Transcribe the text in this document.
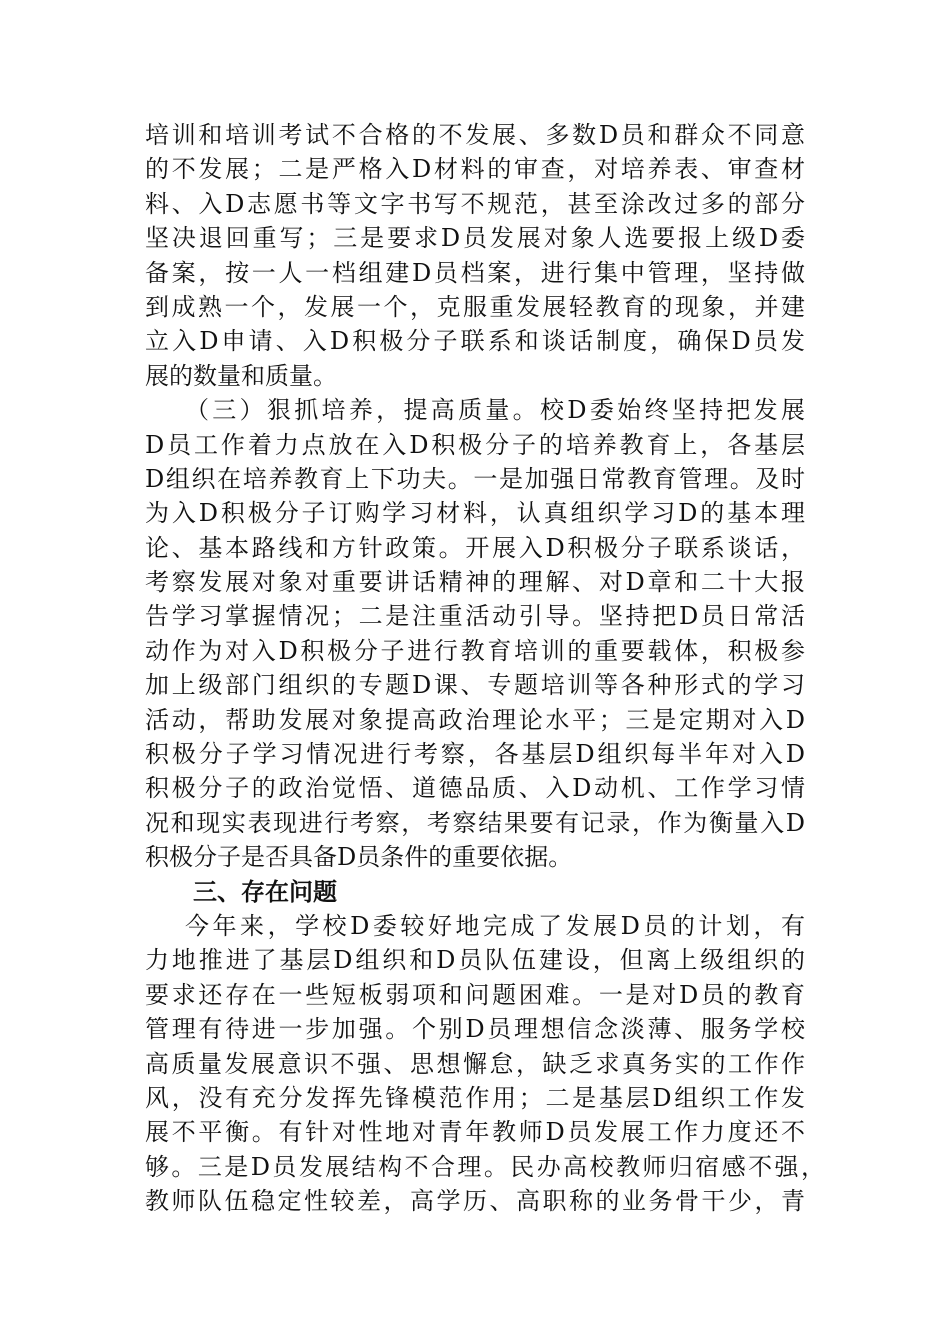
培训和培训考试不合格的不发展、多数D员和群众不同意
的不发展；二是严格入D材料的审查，对培养表、审查材
料、入D志愿书等文字书写不规范，甚至涂改过多的部分
坚决退回重写；三是要求D员发展对象人选要报上级D委
备案，按一人一档组建D员档案，进行集中管理，坚持做
到成熟一个，发展一个，克服重发展轻教育的现象，并建
立入D申请、入D积极分子联系和谈话制度，确保D员发
展的数量和质量。
（三）狠抓培养，提高质量。校D委始终坚持把发展
D员工作着力点放在入D积极分子的培养教育上，各基层
D组织在培养教育上下功夫。一是加强日常教育管理。及时
为入D积极分子订购学习材料，认真组织学习D的基本理
论、基本路线和方针政策。开展入D积极分子联系谈话，
考察发展对象对重要讲话精神的理解、对D章和二十大报
告学习掌握情况；二是注重活动引导。坚持把D员日常活
动作为对入D积极分子进行教育培训的重要载体，积极参
加上级部门组织的专题D课、专题培训等各种形式的学习
活动，帮助发展对象提高政治理论水平；三是定期对入D
积极分子学习情况进行考察，各基层D组织每半年对入D
积极分子的政治觉悟、道德品质、入D动机、工作学习情
况和现实表现进行考察，考察结果要有记录，作为衡量入D
积极分子是否具备D员条件的重要依据。
三、存在问题
今年来，学校D委较好地完成了发展D员的计划，有
力地推进了基层D组织和D员队伍建设，但离上级组织的
要求还存在一些短板弱项和问题困难。一是对D员的教育
管理有待进一步加强。个别D员理想信念淡薄、服务学校
高质量发展意识不强、思想懈怠，缺乏求真务实的工作作
风，没有充分发挥先锋模范作用；二是基层D组织工作发
展不平衡。有针对性地对青年教师D员发展工作力度还不
够。三是D员发展结构不合理。民办高校教师归宿感不强，
教师队伍稳定性较差，高学历、高职称的业务骨干少，青
